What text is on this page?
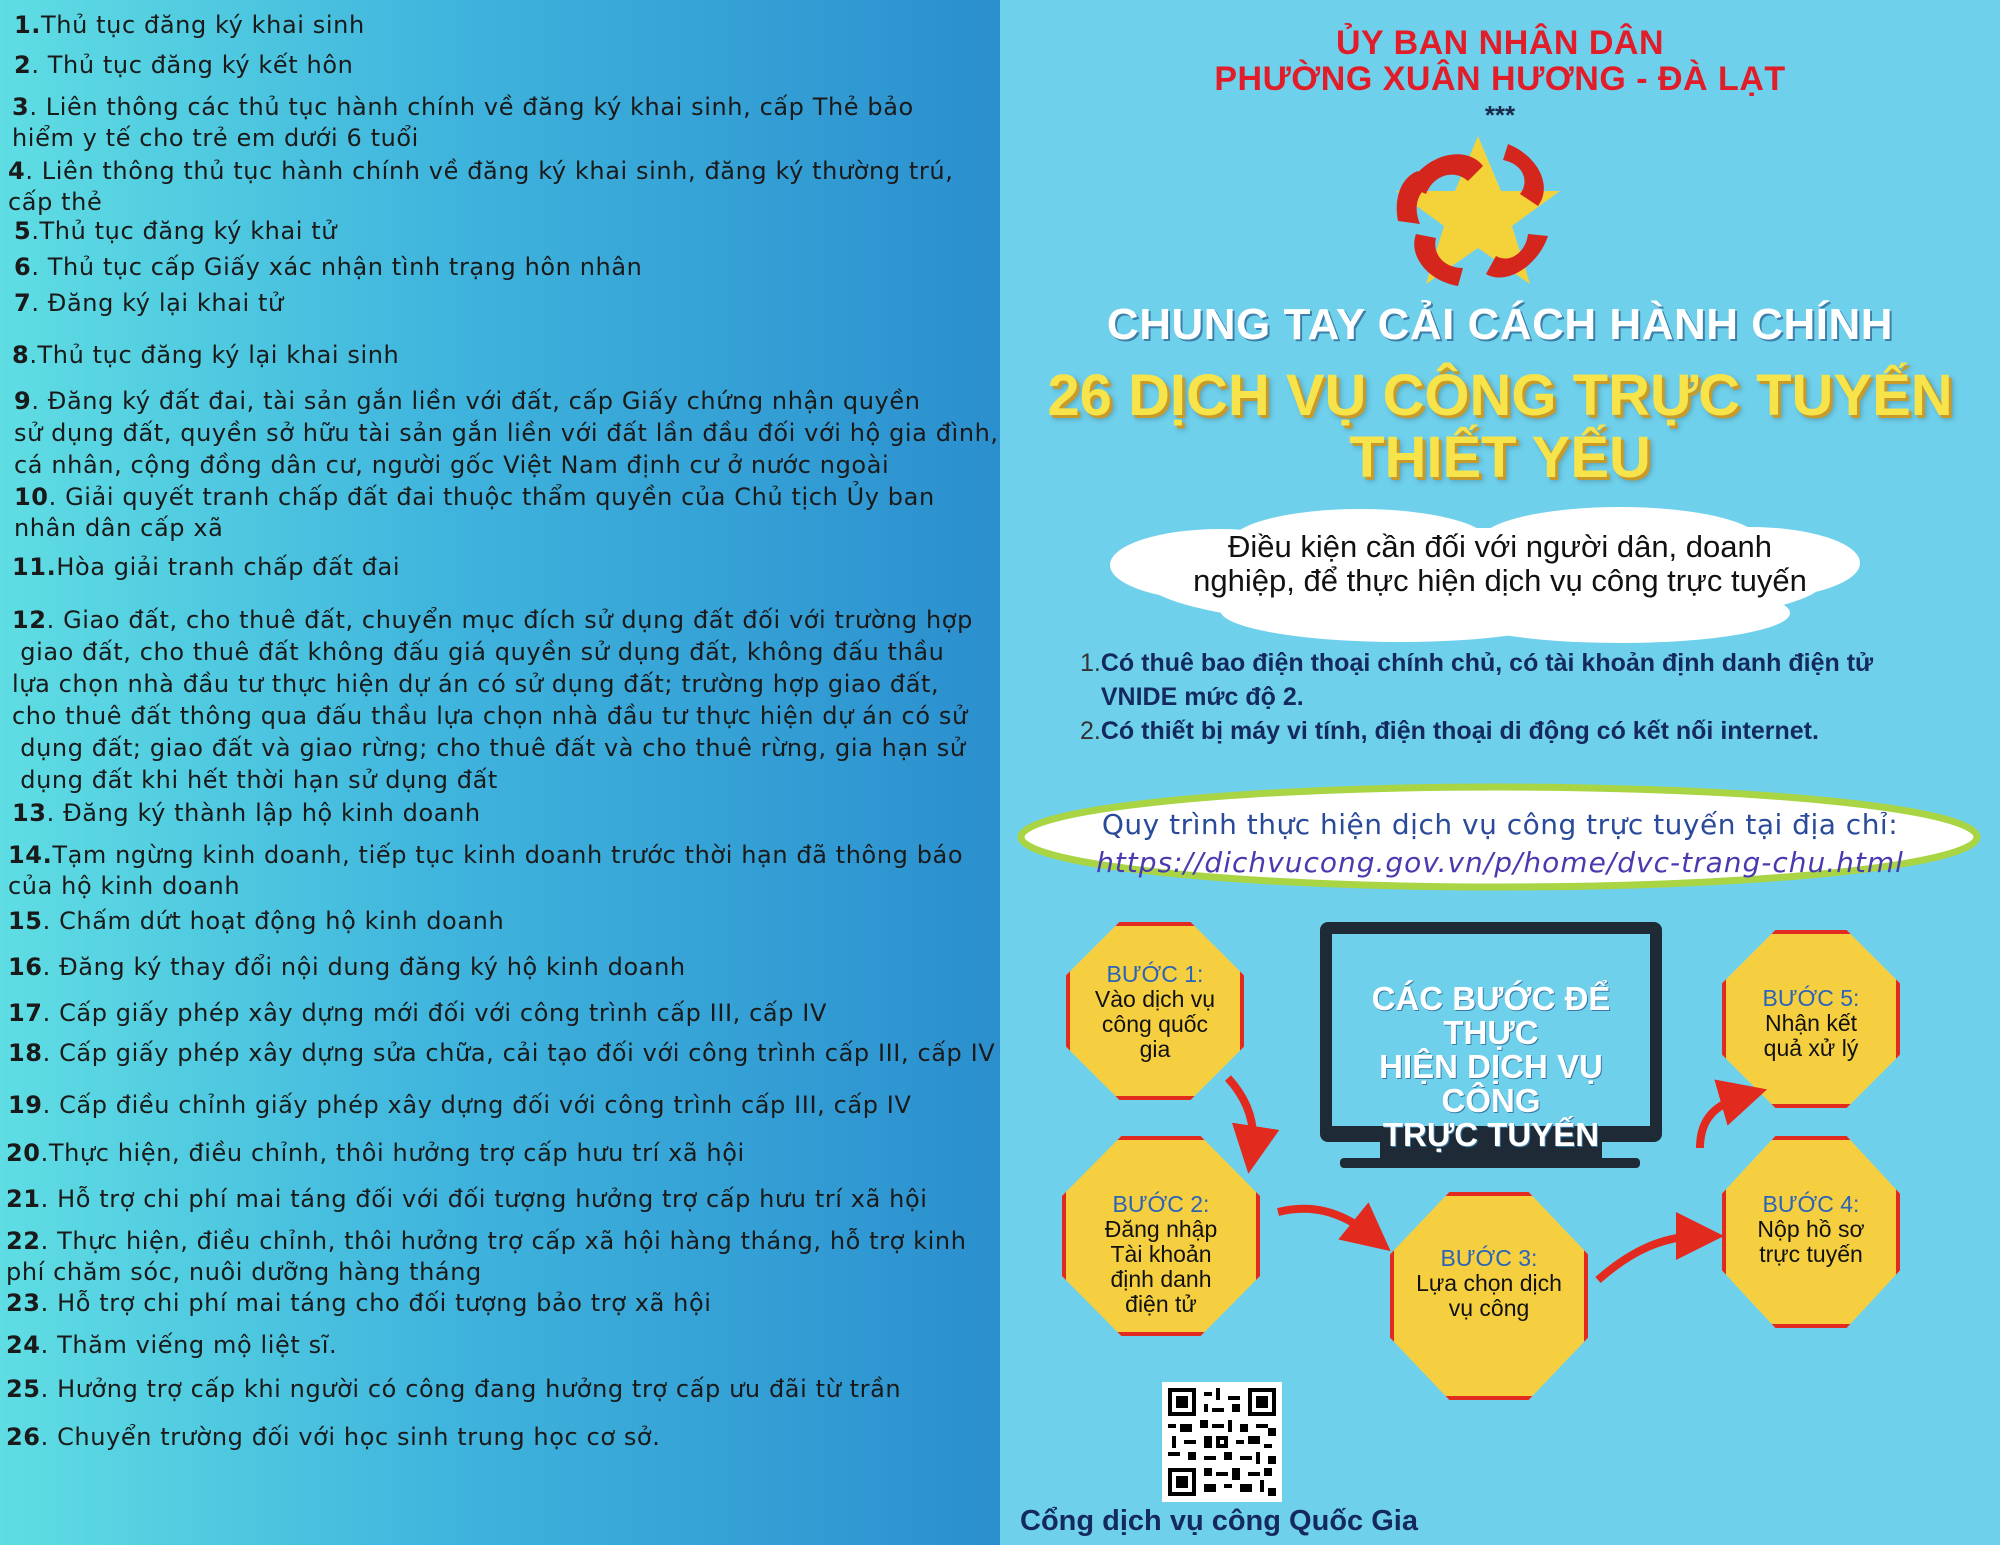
1.Thủ tục đăng ký khai sinh
2. Thủ tục đăng ký kết hôn
3. Liên thông các thủ tục hành chính về đăng ký khai sinh, cấp Thẻ bảo
hiểm y tế cho trẻ em dưới 6 tuổi
4. Liên thông thủ tục hành chính về đăng ký khai sinh, đăng ký thường trú,
cấp thẻ
5.Thủ tục đăng ký khai tử
6. Thủ tục cấp Giấy xác nhận tình trạng hôn nhân
7. Đăng ký lại khai tử
8.Thủ tục đăng ký lại khai sinh
9. Đăng ký đất đai, tài sản gắn liền với đất, cấp Giấy chứng nhận quyền
sử dụng đất, quyền sở hữu tài sản gắn liền với đất lần đầu đối với hộ gia đình,
cá nhân, cộng đồng dân cư, người gốc Việt Nam định cư ở nước ngoài
10. Giải quyết tranh chấp đất đai thuộc thẩm quyền của Chủ tịch Ủy ban
nhân dân cấp xã
11.Hòa giải tranh chấp đất đai
12. Giao đất, cho thuê đất, chuyển mục đích sử dụng đất đối với trường hợp
giao đất, cho thuê đất không đấu giá quyền sử dụng đất, không đấu thầu
lựa chọn nhà đầu tư thực hiện dự án có sử dụng đất; trường hợp giao đất,
cho thuê đất thông qua đấu thầu lựa chọn nhà đầu tư thực hiện dự án có sử
dụng đất; giao đất và giao rừng; cho thuê đất và cho thuê rừng, gia hạn sử
dụng đất khi hết thời hạn sử dụng đất
13. Đăng ký thành lập hộ kinh doanh
14.Tạm ngừng kinh doanh, tiếp tục kinh doanh trước thời hạn đã thông báo
của hộ kinh doanh
15. Chấm dứt hoạt động hộ kinh doanh
16. Đăng ký thay đổi nội dung đăng ký hộ kinh doanh
17. Cấp giấy phép xây dựng mới đối với công trình cấp III, cấp IV
18. Cấp giấy phép xây dựng sửa chữa, cải tạo đối với công trình cấp III, cấp IV
19. Cấp điều chỉnh giấy phép xây dựng đối với công trình cấp III, cấp IV
20.Thực hiện, điều chỉnh, thôi hưởng trợ cấp hưu trí xã hội
21. Hỗ trợ chi phí mai táng đối với đối tượng hưởng trợ cấp hưu trí xã hội
22. Thực hiện, điều chỉnh, thôi hưởng trợ cấp xã hội hàng tháng, hỗ trợ kinh
phí chăm sóc, nuôi dưỡng hàng tháng
23. Hỗ trợ chi phí mai táng cho đối tượng bảo trợ xã hội
24. Thăm viếng mộ liệt sĩ.
25. Hưởng trợ cấp khi người có công đang hưởng trợ cấp ưu đãi từ trần
26. Chuyển trường đối với học sinh trung học cơ sở.
ỦY BAN NHÂN DÂN
PHƯỜNG XUÂN HƯƠNG - ĐÀ LẠT
***
CHUNG TAY CẢI CÁCH HÀNH CHÍNH
26 DỊCH VỤ CÔNG TRỰC TUYẾN
THIẾT YẾU
Điều kiện cần đối với người dân, doanh
nghiệp, để thực hiện dịch vụ công trực tuyến
1.Có thuê bao điện thoại chính chủ, có tài khoản định danh điện tử
VNIDE mức độ 2.
2.Có thiết bị máy vi tính, điện thoại di động có kết nối internet.
Quy trình thực hiện dịch vụ công trực tuyến tại địa chỉ:
https://dichvucong.gov.vn/p/home/dvc-trang-chu.html
CÁC BƯỚC ĐỂ THỰC
HIỆN DỊCH VỤ CÔNG
TRỰC TUYẾN
BƯỚC 1:
Vào dịch vụ
công quốc
gia
BƯỚC 2:
Đăng nhập
Tài khoản
định danh
điện tử
BƯỚC 3:
Lựa chọn dịch
vụ công
BƯỚC 4:
Nộp hồ sơ
trực tuyến
BƯỚC 5:
Nhận kết
quả xử lý
Cổng dịch vụ công Quốc Gia
